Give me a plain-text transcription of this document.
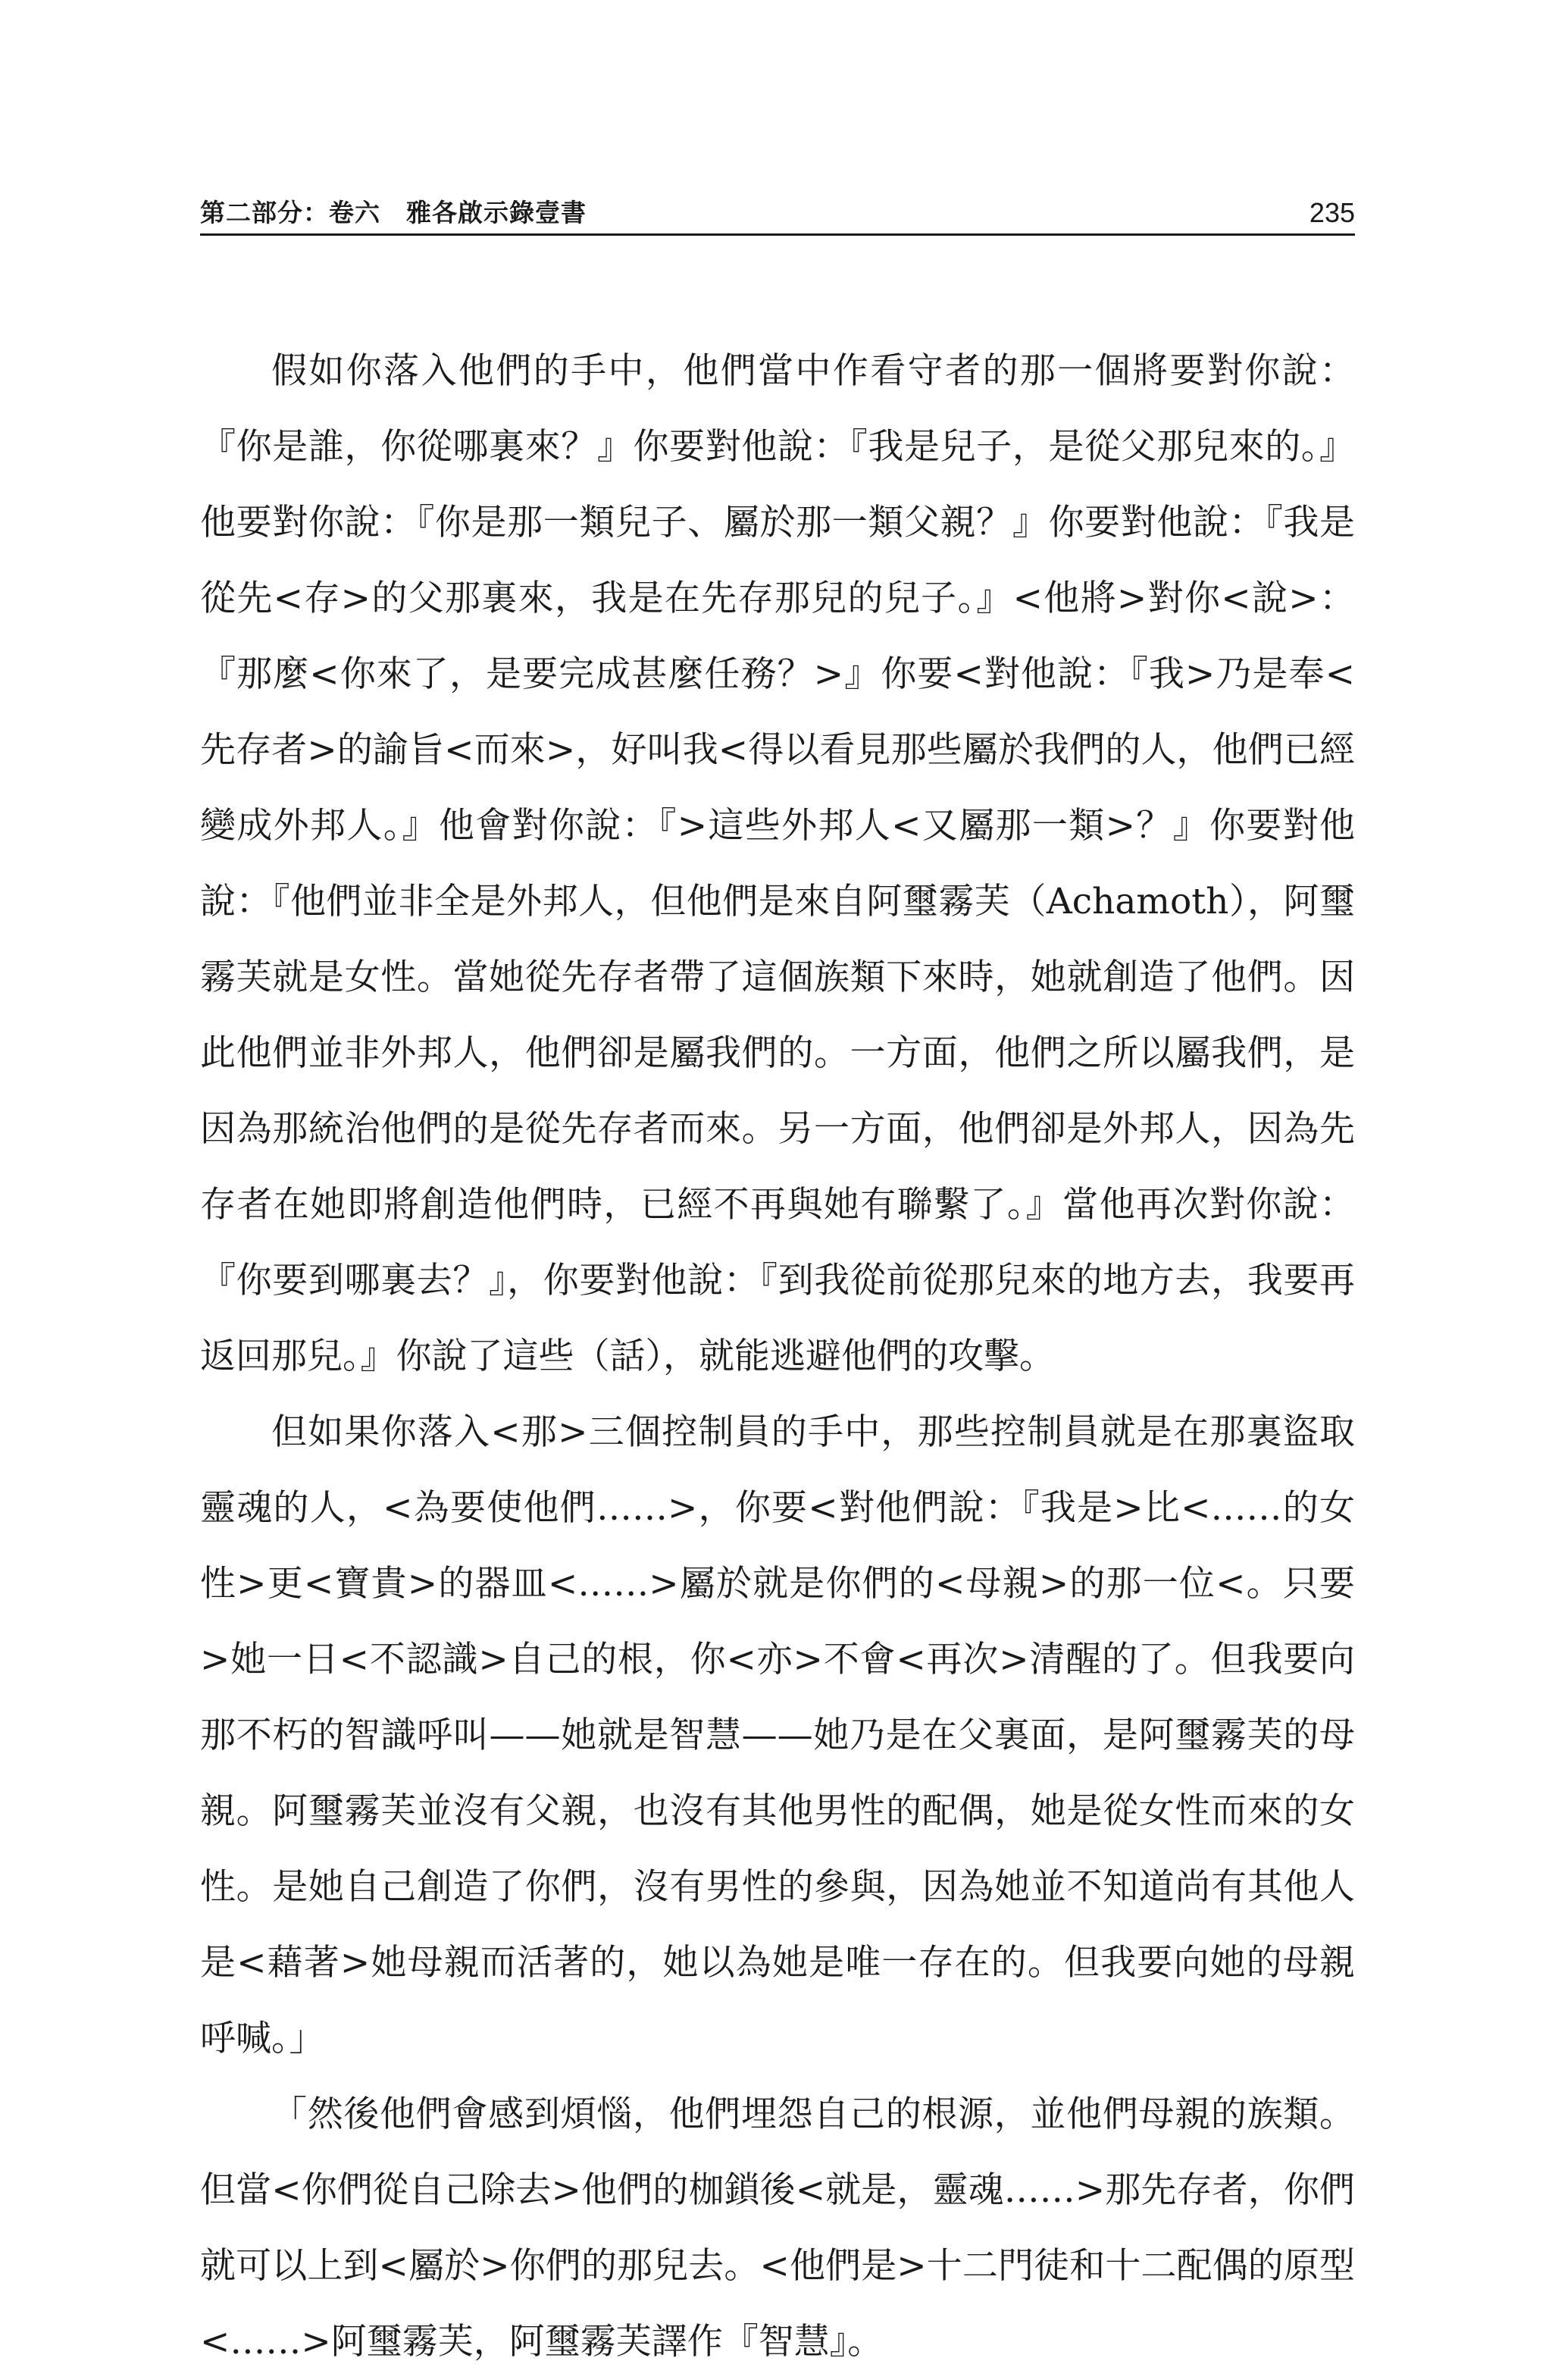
第二部分：卷六　雅各啟示錄壹書	235

假如你落入他們的手中，他們當中作看守者的那一個將要對你說：『你是誰，你從哪裏來？』你要對他說：『我是兒子，是從父那兒來的。』他要對你說：『你是那一類兒子、屬於那一類父親？』你要對他說：『我是從先<存>的父那裏來，我是在先存那兒的兒子。』<他將>對你<說>：『那麼<你來了，是要完成甚麼任務？>』你要<對他說：『我>乃是奉<先存者>的諭旨<而來>，好叫我<得以看見那些屬於我們的人，他們已經變成外邦人。』他會對你說：『>這些外邦人<又屬那一類>？』你要對他說：『他們並非全是外邦人，但他們是來自阿璽霧芙（Achamoth），阿璽霧芙就是女性。當她從先存者帶了這個族類下來時，她就創造了他們。因此他們並非外邦人，他們卻是屬我們的。一方面，他們之所以屬我們，是因為那統治他們的是從先存者而來。另一方面，他們卻是外邦人，因為先存者在她即將創造他們時，已經不再與她有聯繫了。』當他再次對你說：『你要到哪裏去？』，你要對他說：『到我從前從那兒來的地方去，我要再返回那兒。』你說了這些（話），就能逃避他們的攻擊。

但如果你落入<那>三個控制員的手中，那些控制員就是在那裏盜取靈魂的人，<為要使他們……>，你要<對他們說：『我是>比<……的女性>更<寶貴>的器皿<……>屬於就是你們的<母親>的那一位<。只要>她一日<不認識>自己的根，你<亦>不會<再次>清醒的了。但我要向那不朽的智識呼叫——她就是智慧——她乃是在父裏面，是阿璽霧芙的母親。阿璽霧芙並沒有父親，也沒有其他男性的配偶，她是從女性而來的女性。是她自己創造了你們，沒有男性的參與，因為她並不知道尚有其他人是<藉著>她母親而活著的，她以為她是唯一存在的。但我要向她的母親呼喊。」

「然後他們會感到煩惱，他們埋怨自己的根源，並他們母親的族類。但當<你們從自己除去>他們的枷鎖後<就是，靈魂……>那先存者，你們就可以上到<屬於>你們的那兒去。<他們是>十二門徒和十二配偶的原型<……>阿璽霧芙，阿璽霧芙譯作『智慧』。
